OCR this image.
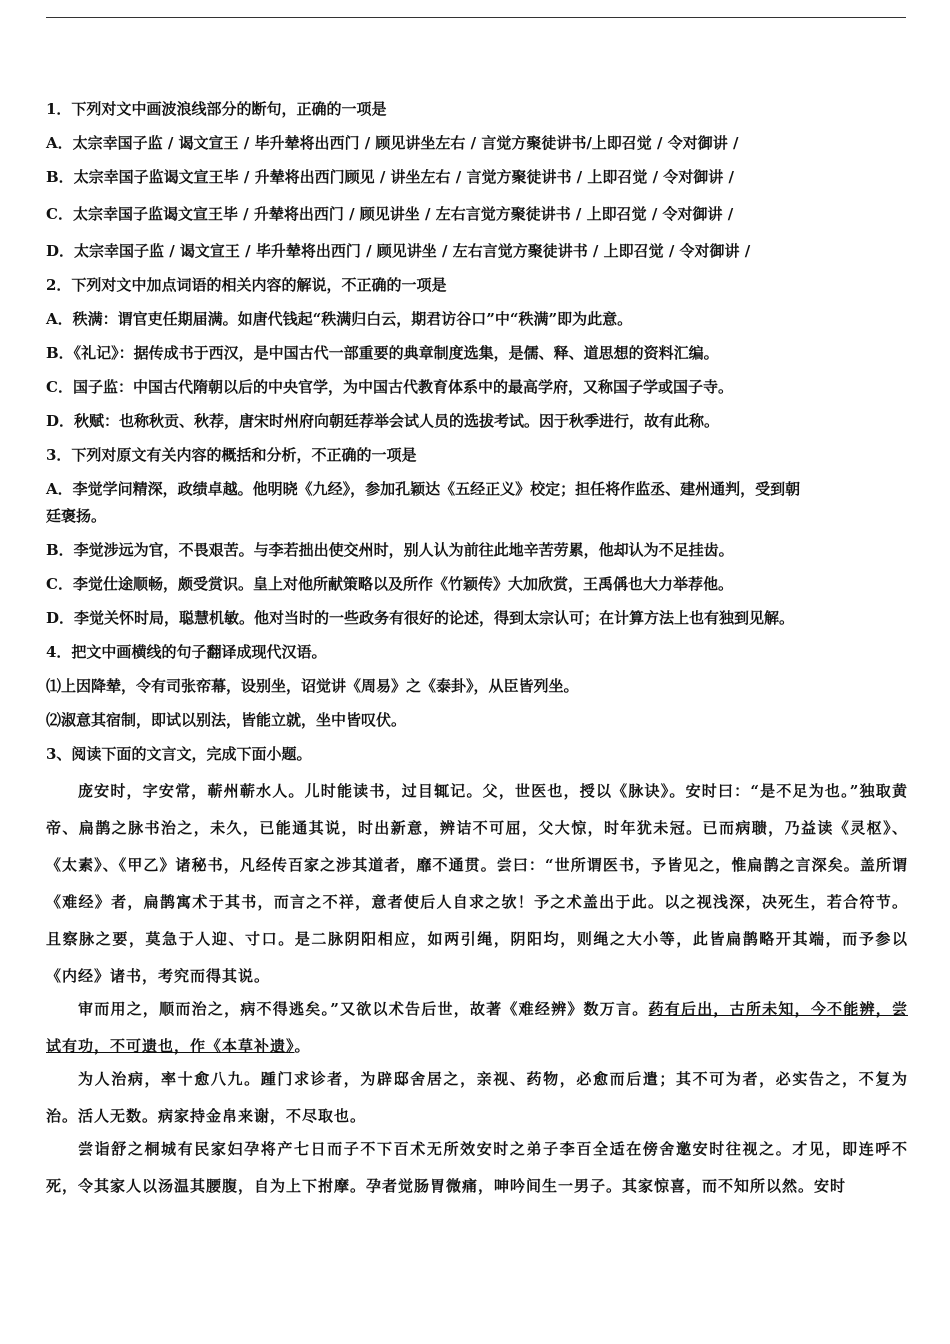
1．下列对文中画波浪线部分的断句，正确的一项是
A．太宗幸国子监 / 谒文宣王 / 毕升辇将出西门 / 顾见讲坐左右 / 言觉方聚徒讲书/上即召觉 / 令对御讲 /
B．太宗幸国子监谒文宣王毕 / 升辇将出西门顾见 / 讲坐左右 / 言觉方聚徒讲书 / 上即召觉 / 令对御讲 /
C．太宗幸国子监谒文宣王毕 / 升辇将出西门 / 顾见讲坐 / 左右言觉方聚徒讲书 / 上即召觉 / 令对御讲 /
D．太宗幸国子监 / 谒文宣王 / 毕升辇将出西门 / 顾见讲坐 / 左右言觉方聚徒讲书 / 上即召觉 / 令对御讲 /
2．下列对文中加点词语的相关内容的解说，不正确的一项是
A．秩满：谓官吏任期届满。如唐代钱起“秩满归白云，期君访谷口”中“秩满”即为此意。
B．《礼记》：据传成书于西汉，是中国古代一部重要的典章制度选集，是儒、释、道思想的资料汇编。
C．国子监：中国古代隋朝以后的中央官学，为中国古代教育体系中的最高学府，又称国子学或国子寺。
D．秋赋：也称秋贡、秋荐，唐宋时州府向朝廷荐举会试人员的选拔考试。因于秋季进行，故有此称。
3．下列对原文有关内容的概括和分析，不正确的一项是
A．李觉学问精深，政绩卓越。他明晓《九经》，参加孔颖达《五经正义》校定；担任将作监丞、建州通判，受到朝
廷褒扬。
B．李觉涉远为官，不畏艰苦。与李若拙出使交州时，别人认为前往此地辛苦劳累，他却认为不足挂齿。
C．李觉仕途顺畅，颇受赏识。皇上对他所献策略以及所作《竹颖传》大加欣赏，王禹偁也大力举荐他。
D．李觉关怀时局，聪慧机敏。他对当时的一些政务有很好的论述，得到太宗认可；在计算方法上也有独到见解。
4．把文中画横线的句子翻译成现代汉语。
⑴上因降辇，令有司张帟幕，设别坐，诏觉讲《周易》之《泰卦》，从臣皆列坐。
⑵淑意其宿制，即试以别法，皆能立就，坐中皆叹伏。
3、阅读下面的文言文，完成下面小题。

庞安时，字安常，蕲州蕲水人。儿时能读书，过目辄记。父，世医也，授以《脉诀》。安时曰：“是不足为也。”独取黄帝、扁鹊之脉书治之，未久，已能通其说，时出新意，辨诘不可屈，父大惊，时年犹未冠。已而病聩，乃益读《灵枢》、《太素》、《甲乙》诸秘书，凡经传百家之涉其道者，靡不通贯。尝曰：“世所谓医书，予皆见之，惟扁鹊之言深矣。盖所谓《难经》者，扁鹊寓术于其书，而言之不祥，意者使后人自求之欤！予之术盖出于此。以之视浅深，决死生，若合符节。且察脉之要，莫急于人迎、寸口。是二脉阴阳相应，如两引绳，阴阳均，则绳之大小等，此皆扁鹊略开其端，而予参以《内经》诸书，考究而得其说。

审而用之，顺而治之，病不得逃矣。”又欲以术告后世，故著《难经辨》数万言。药有后出，古所未知，今不能辨，尝试有功，不可遗也，作《本草补遗》。

为人治病，率十愈八九。踵门求诊者，为辟邸舍居之，亲视、药物，必愈而后遣；其不可为者，必实告之，不复为治。活人无数。病家持金帛来谢，不尽取也。

尝诣舒之桐城有民家妇孕将产七日而子不下百术无所效安时之弟子李百全适在傍舍邀安时往视之。才见，即连呼不死，令其家人以汤温其腰腹，自为上下拊摩。孕者觉肠胃微痛，呻吟间生一男子。其家惊喜，而不知所以然。安时
